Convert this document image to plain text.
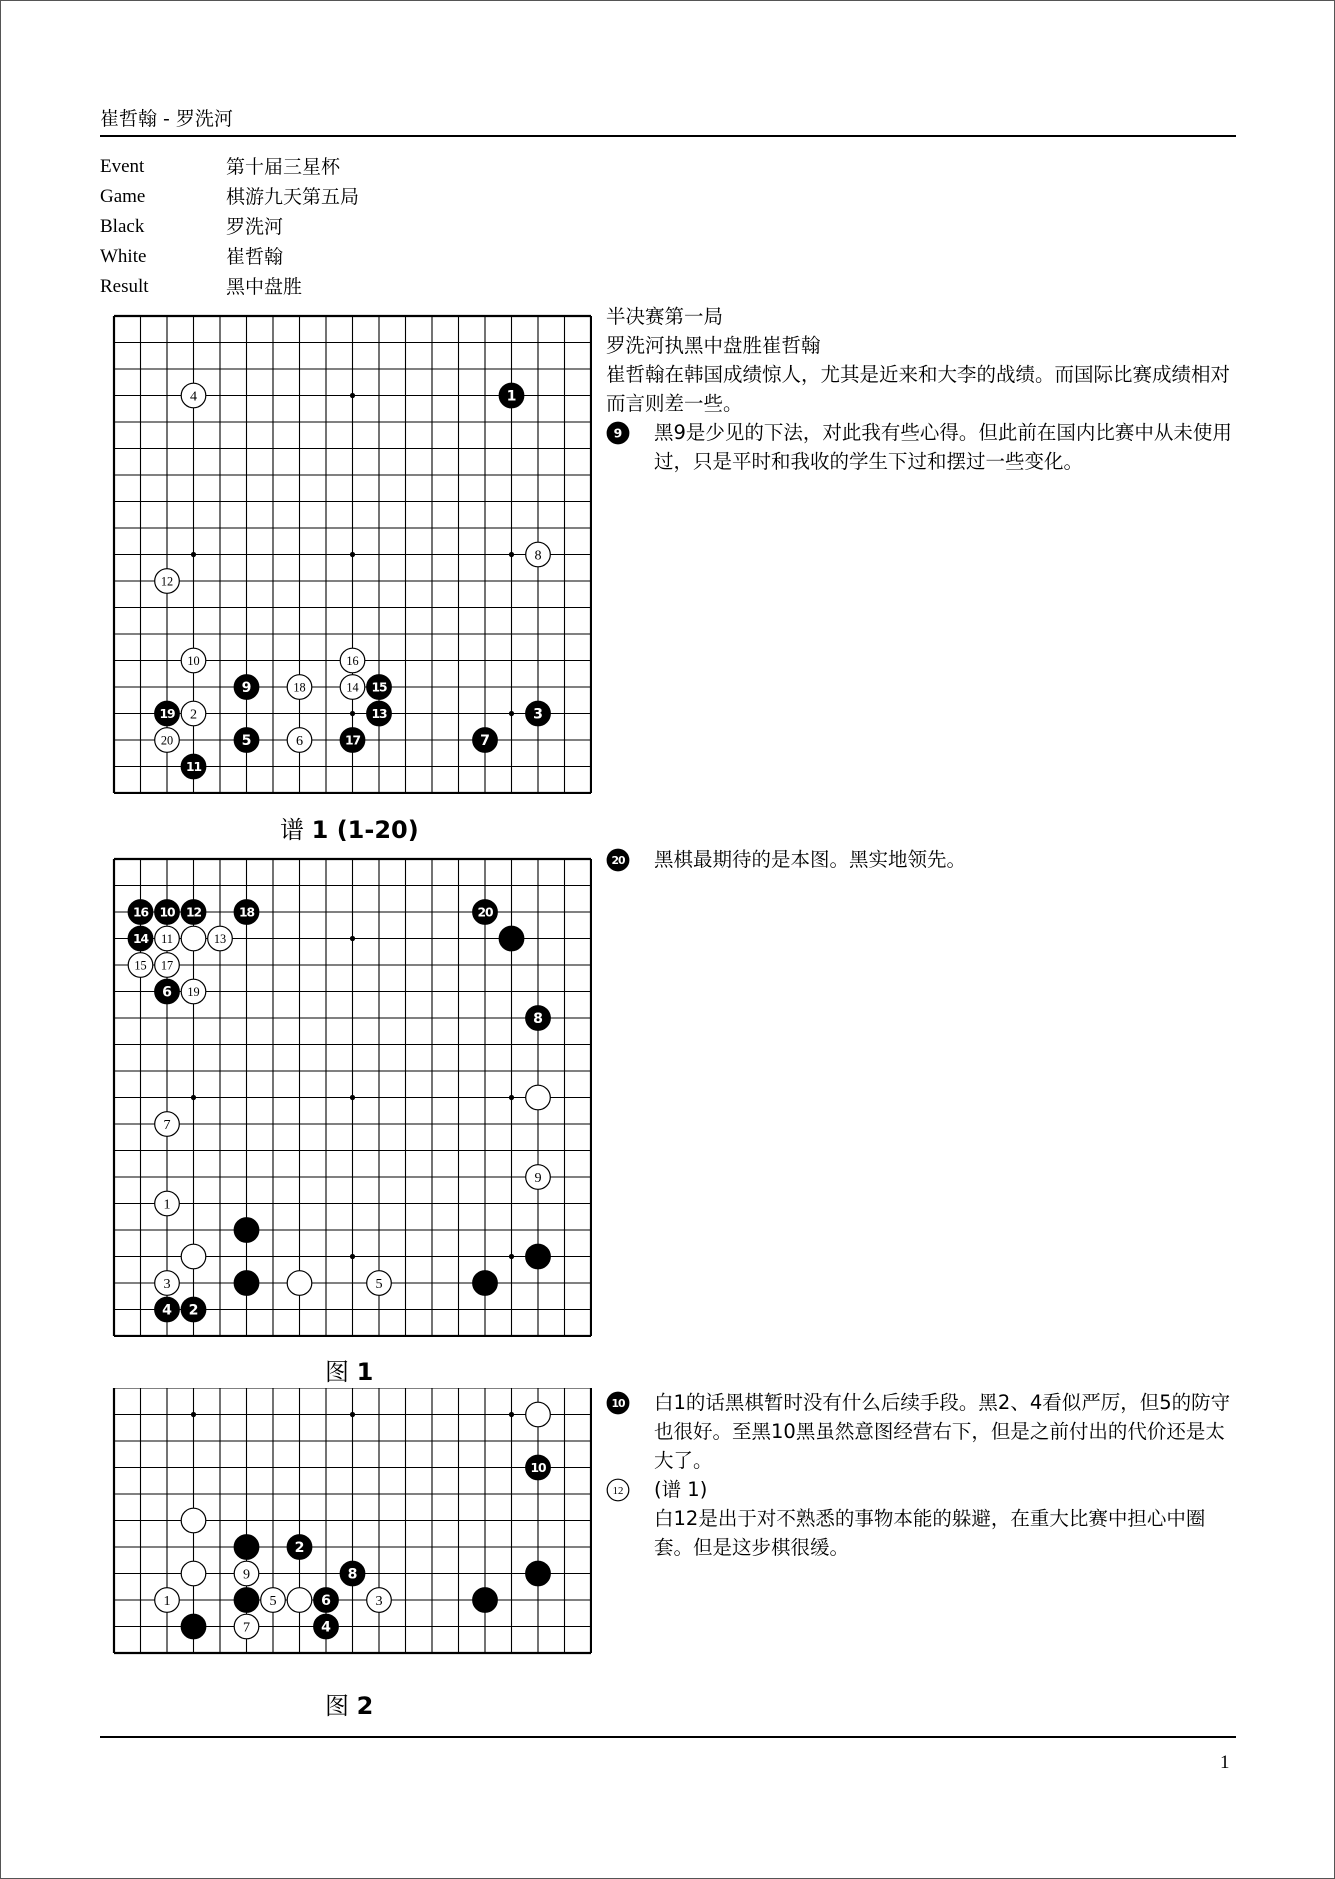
崔哲翰 - 罗洗河
Event	第十届三星杯
Game	棋游九天第五局
Black	罗洗河
White	崔哲翰
Result	黑中盘胜
4	1
8
12
10	16
9	18	14 15
19 2	13	3
20	5	6	17	7
11
谱 1 (1-20)
16 10 12	18	20
14 11	13
15 17
6 19
8
7
9
1
3	5
4 2
图 1
10
2
9	8
1	5	6	3
7	4
图 2
半决赛第一局
罗洗河执黑中盘胜崔哲翰
崔哲翰在韩国成绩惊人，尤其是近来和大李的战绩。而国际比赛成绩相对而言则差一些。
9 黑9是少见的下法，对此我有些心得。但此前在国内比赛中从未使用过，只是平时和我收的学生下过和摆过一些变化。
20 黑棋最期待的是本图。黑实地领先。
10 白1的话黑棋暂时没有什么后续手段。黑2、4看似严厉，但5的防守也很好。至黑10黑虽然意图经营右下，但是之前付出的代价还是太大了。
12 (谱 1)
白12是出于对不熟悉的事物本能的躲避，在重大比赛中担心中圈套。但是这步棋很缓。
1
